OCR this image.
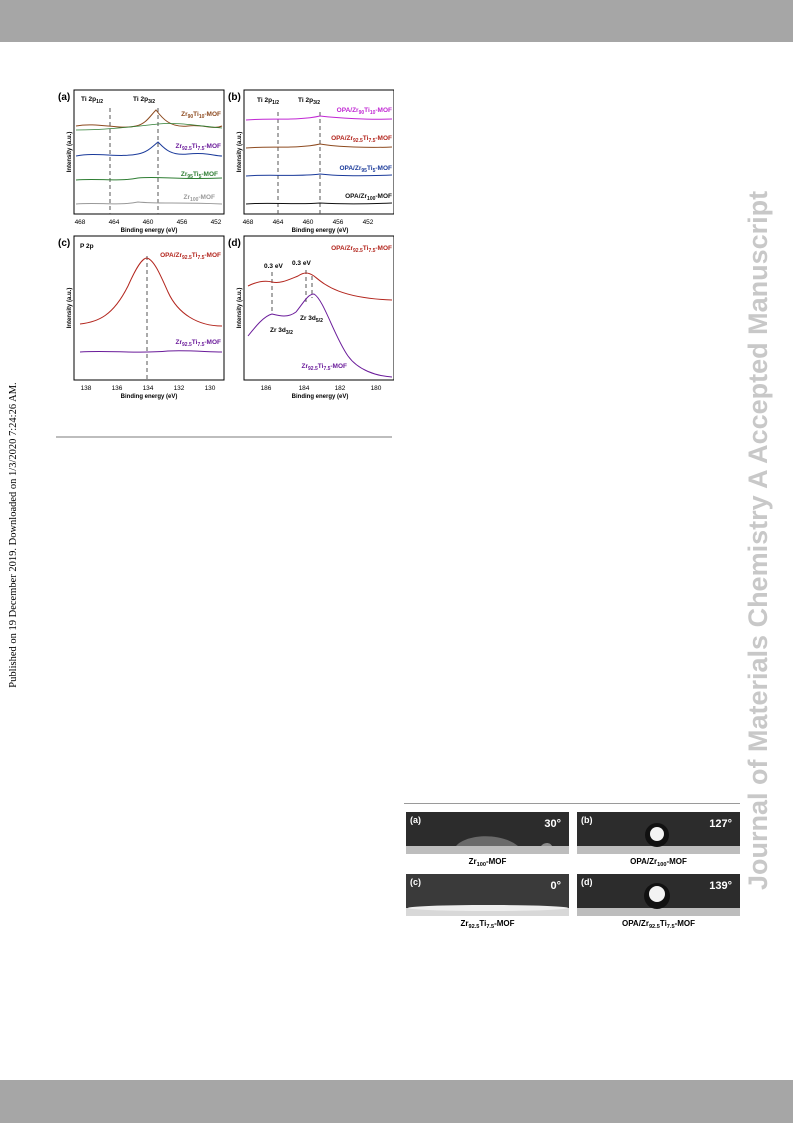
Published on 19 December 2019. Downloaded on 1/3/2020 7:24:26 AM.	Journal of Materials Chemistry A Accepted Manuscript
(a) Ti $2p_{1/2}$	Ti $2p_{3/2}$
$Zr_{90}Ti_{10}$-MOF
$Zr_{92.5}Ti_{7.5}$-MOF
$Zr_{95}Ti_5$-MOF
$Zr_{100}$-MOF
468	464	460	456	452
Binding energy (eV)
Intensity (a.u.)
(b) Ti $2p_{1/2}$	Ti $2p_{3/2}$
OPA/$Zr_{90}Ti_{10}$-MOF
OPA/$Zr_{92.5}Ti_{7.5}$-MOF
OPA/$Zr_{95}Ti_5$-MOF
OPA/$Zr_{100}$-MOF
468	464	460	456	452
Binding energy (eV)
Intensity (a.u.)
(c) P 2p
OPA/$Zr_{92.5}Ti_{7.5}$-MOF
$Zr_{92.5}Ti_{7.5}$-MOF
138	136	134	132	130
Binding energy (eV)
Intensity (a.u.)
(d)
0.3 eV 0.3 eV
OPA/$Zr_{92.5}Ti_{7.5}$-MOF
Zr $3d_{3/2}$
Zr $3d_{5/2}$
$Zr_{92.5}Ti_{7.5}$-MOF
186	184	182	180
Binding energy (eV)
Intensity (a.u.)
(a)	30°
$Zr_{100}$-MOF
(b)	127°
OPA/$Zr_{100}$-MOF
(c)	0°
$Zr_{92.5}Ti_{7.5}$-MOF
(d)	139°
OPA/$Zr_{92.5}Ti_{7.5}$-MOF
